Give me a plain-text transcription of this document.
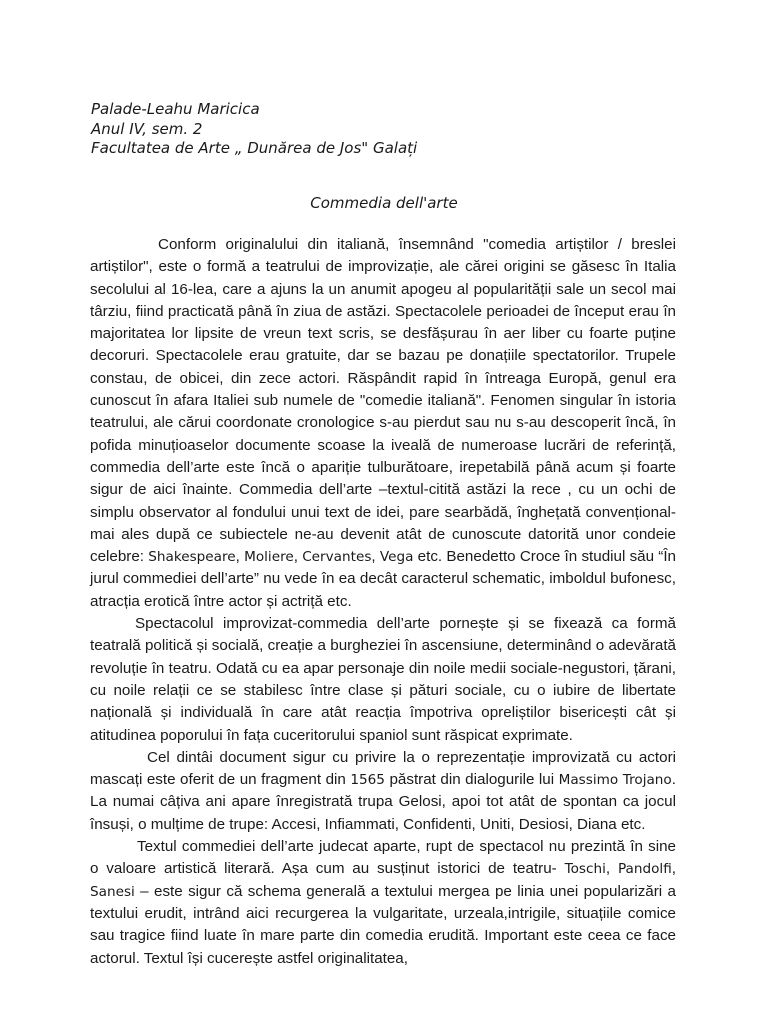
Palade-Leahu Maricica
Anul IV, sem. 2
Facultatea de Arte „ Dunărea de Jos" Galați
Commedia dell'arte

Conform originalului din italiană, însemnând "comedia artiștilor / breslei artiștilor", este o formă a teatrului de improvizație, ale cărei origini se găsesc în Italia secolului al 16-lea, care a ajuns la un anumit apogeu al popularității sale un secol mai târziu, fiind practicată până în ziua de astăzi. Spectacolele perioadei de început erau în majoritatea lor lipsite de vreun text scris, se desfășurau în aer liber cu foarte puține decoruri. Spectacolele erau gratuite, dar se bazau pe donațiile spectatorilor. Trupele constau, de obicei, din zece actori. Răspândit rapid în întreaga Europă, genul era cunoscut în afara Italiei sub numele de "comedie italiană". Fenomen singular în istoria teatrului, ale cărui coordonate cronologice s-au pierdut sau nu s-au descoperit încă, în pofida minuțioaselor documente scoase la iveală de numeroase lucrări de referință, commedia dell’arte este încă o apariție tulburătoare, irepetabilă până acum și foarte sigur de aici înainte. Commedia dell’arte –textul-citită astăzi la rece , cu un ochi de simplu observator al fondului unui text de idei, pare searbădă, înghețată convențional- mai ales după ce subiectele ne-au devenit atât de cunoscute datorită unor condeie celebre: Shakespeare, Moliere, Cervantes, Vega etc. Benedetto Croce în studiul său “În jurul commediei dell’arte” nu vede în ea decât caracterul schematic, imboldul bufonesc, atracția erotică între actor și actriță etc.

Spectacolul improvizat-commedia dell’arte pornește și se fixează ca formă teatrală politică și socială, creație a burgheziei în ascensiune, determinând o adevărată revoluție în teatru. Odată cu ea apar personaje din noile medii sociale-negustori, țărani, cu noile relații ce se stabilesc între clase și pături sociale, cu o iubire de libertate națională și individuală în care atât reacția împotriva opreliștilor bisericești cât și atitudinea poporului în fața cuceritorului spaniol sunt răspicat exprimate.

Cel dintâi document sigur cu privire la o reprezentație improvizată cu actori mascați este oferit de un fragment din 1565 păstrat din dialogurile lui Massimo Trojano. La numai câțiva ani apare înregistrată trupa Gelosi, apoi tot atât de spontan ca jocul însuși, o mulțime de trupe: Accesi, Infiammati, Confidenti, Uniti, Desiosi, Diana etc.

Textul commediei dell’arte judecat aparte, rupt de spectacol nu prezintă în sine o valoare artistică literară. Așa cum au susținut istorici de teatru- Toschi, Pandolfi, Sanesi – este sigur că schema generală a textului mergea pe linia unei popularizări a textului erudit, intrând aici recurgerea la vulgaritate, urzeala,intrigile, situațiile comice sau tragice fiind luate în mare parte din comedia erudită. Important este ceea ce face actorul. Textul își cucerește astfel originalitatea,
